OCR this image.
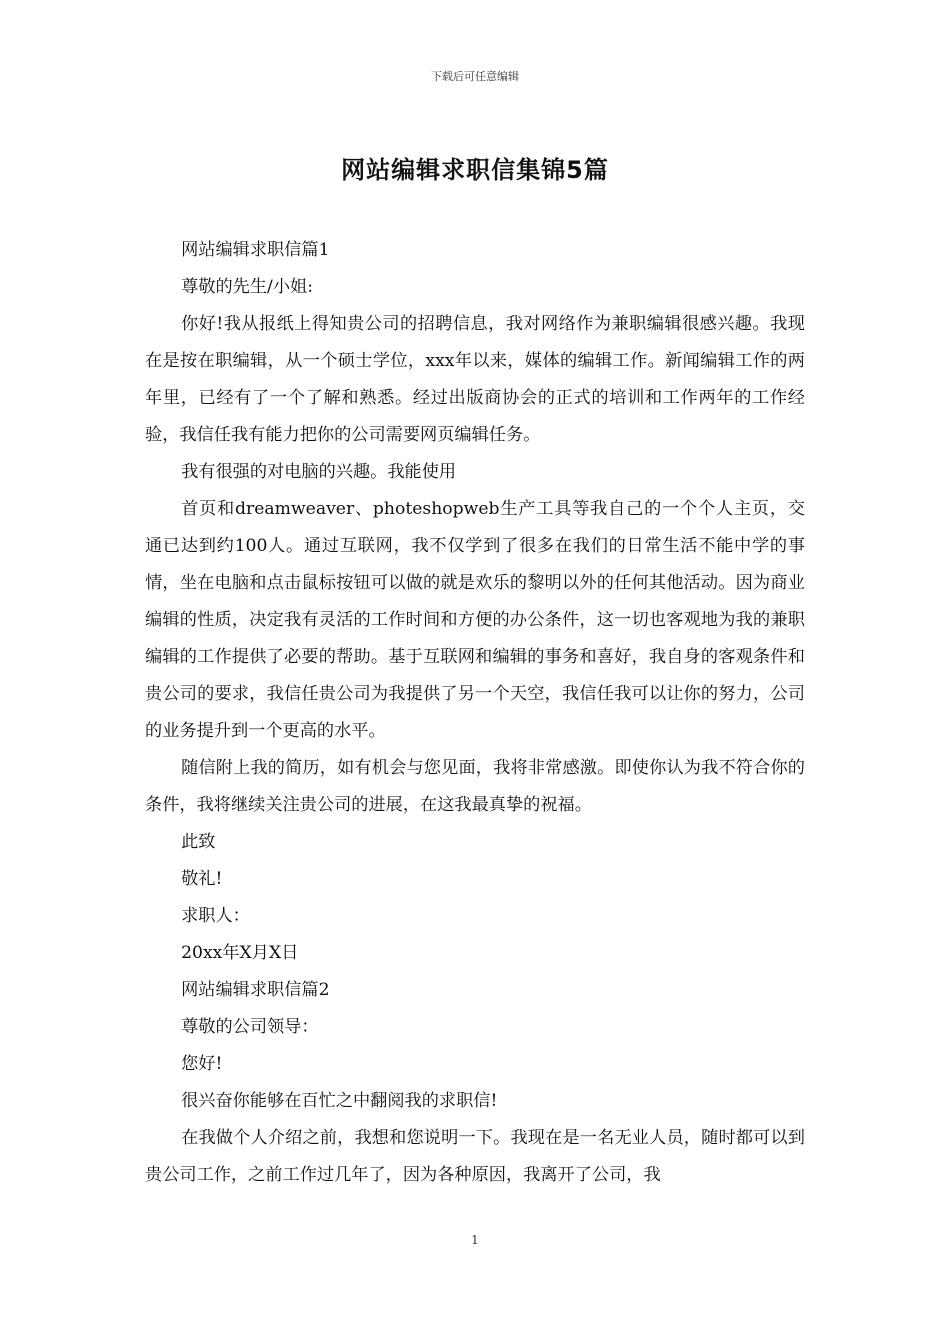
下载后可任意编辑
网站编辑求职信集锦5篇

网站编辑求职信篇1

尊敬的先生/小姐:

你好!我从报纸上得知贵公司的招聘信息，我对网络作为兼职编辑很感兴趣。我现在是按在职编辑，从一个硕士学位，xxx年以来，媒体的编辑工作。新闻编辑工作的两年里，已经有了一个了解和熟悉。经过出版商协会的正式的培训和工作两年的工作经验，我信任我有能力把你的公司需要网页编辑任务。

我有很强的对电脑的兴趣。我能使用

首页和dreamweaver、photeshopweb生产工具等我自己的一个个人主页，交通已达到约100人。通过互联网，我不仅学到了很多在我们的日常生活不能中学的事情，坐在电脑和点击鼠标按钮可以做的就是欢乐的黎明以外的任何其他活动。因为商业编辑的性质，决定我有灵活的工作时间和方便的办公条件，这一切也客观地为我的兼职编辑的工作提供了必要的帮助。基于互联网和编辑的事务和喜好，我自身的客观条件和贵公司的要求，我信任贵公司为我提供了另一个天空，我信任我可以让你的努力，公司的业务提升到一个更高的水平。

随信附上我的简历，如有机会与您见面，我将非常感激。即使你认为我不符合你的条件，我将继续关注贵公司的进展，在这我最真挚的祝福。

此致

敬礼!

求职人：

20xx年X月X日

网站编辑求职信篇2

尊敬的公司领导：

您好!

很兴奋你能够在百忙之中翻阅我的求职信!

在我做个人介绍之前，我想和您说明一下。我现在是一名无业人员，随时都可以到贵公司工作，之前工作过几年了，因为各种原因，我离开了公司，我

1
